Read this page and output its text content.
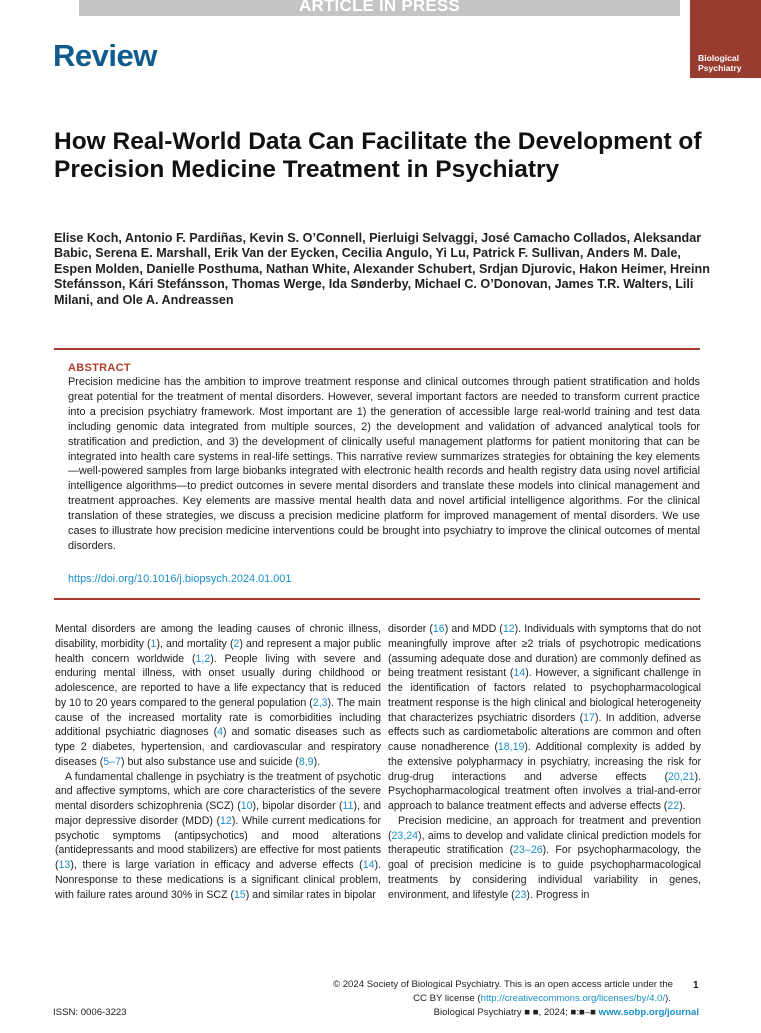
ARTICLE IN PRESS
Biological
Psychiatry
Review
How Real-World Data Can Facilitate the Development of Precision Medicine Treatment in Psychiatry
Elise Koch, Antonio F. Pardiñas, Kevin S. O’Connell, Pierluigi Selvaggi, José Camacho Collados, Aleksandar Babic, Serena E. Marshall, Erik Van der Eycken, Cecilia Angulo, Yi Lu, Patrick F. Sullivan, Anders M. Dale, Espen Molden, Danielle Posthuma, Nathan White, Alexander Schubert, Srdjan Djurovic, Hakon Heimer, Hreinn Stefánsson, Kári Stefánsson, Thomas Werge, Ida Sønderby, Michael C. O’Donovan, James T.R. Walters, Lili Milani, and Ole A. Andreassen
ABSTRACT
Precision medicine has the ambition to improve treatment response and clinical outcomes through patient stratification and holds great potential for the treatment of mental disorders. However, several important factors are needed to transform current practice into a precision psychiatry framework. Most important are 1) the generation of accessible large real-world training and test data including genomic data integrated from multiple sources, 2) the development and validation of advanced analytical tools for stratification and prediction, and 3) the development of clinically useful management platforms for patient monitoring that can be integrated into health care systems in real-life settings. This narrative review summarizes strategies for obtaining the key elements—well-powered samples from large biobanks integrated with electronic health records and health registry data using novel artificial intelligence algorithms—to predict outcomes in severe mental disorders and translate these models into clinical management and treatment approaches. Key elements are massive mental health data and novel artificial intelligence algorithms. For the clinical translation of these strategies, we discuss a precision medicine platform for improved management of mental disorders. We use cases to illustrate how precision medicine interventions could be brought into psychiatry to improve the clinical outcomes of mental disorders.
https://doi.org/10.1016/j.biopsych.2024.01.001

Mental disorders are among the leading causes of chronic illness, disability, morbidity (1), and mortality (2) and represent a major public health concern worldwide (1,2). People living with severe and enduring mental illness, with onset usually during childhood or adolescence, are reported to have a life expectancy that is reduced by 10 to 20 years compared to the general population (2,3). The main cause of the increased mortality rate is comorbidities including additional psychiatric diagnoses (4) and somatic diseases such as type 2 diabetes, hypertension, and cardiovascular and respiratory diseases (5–7) but also substance use and suicide (8,9).

A fundamental challenge in psychiatry is the treatment of psychotic and affective symptoms, which are core characteristics of the severe mental disorders schizophrenia (SCZ) (10), bipolar disorder (11), and major depressive disorder (MDD) (12). While current medications for psychotic symptoms (antipsychotics) and mood alterations (antidepressants and mood stabilizers) are effective for most patients (13), there is large variation in efficacy and adverse effects (14). Nonresponse to these medications is a significant clinical problem, with failure rates around 30% in SCZ (15) and similar rates in bipolar

disorder (16) and MDD (12). Individuals with symptoms that do not meaningfully improve after ≥2 trials of psychotropic medications (assuming adequate dose and duration) are commonly defined as being treatment resistant (14). However, a significant challenge in the identification of factors related to psychopharmacological treatment response is the high clinical and biological heterogeneity that characterizes psychiatric disorders (17). In addition, adverse effects such as cardiometabolic alterations are common and often cause nonadherence (18,19). Additional complexity is added by the extensive polypharmacy in psychiatry, increasing the risk for drug-drug interactions and adverse effects (20,21). Psychopharmacological treatment often involves a trial-and-error approach to balance treatment effects and adverse effects (22).

Precision medicine, an approach for treatment and prevention (23,24), aims to develop and validate clinical prediction models for therapeutic stratification (23–26). For psychopharmacology, the goal of precision medicine is to guide psychopharmacological treatments by considering individual variability in genes, environment, and lifestyle (23). Progress in

© 2024 Society of Biological Psychiatry. This is an open access article under the 1
CC BY license (http://creativecommons.org/licenses/by/4.0/).
ISSN: 0006-3223	Biological Psychiatry ■ ■, 2024; ■:■–■ www.sobp.org/journal
